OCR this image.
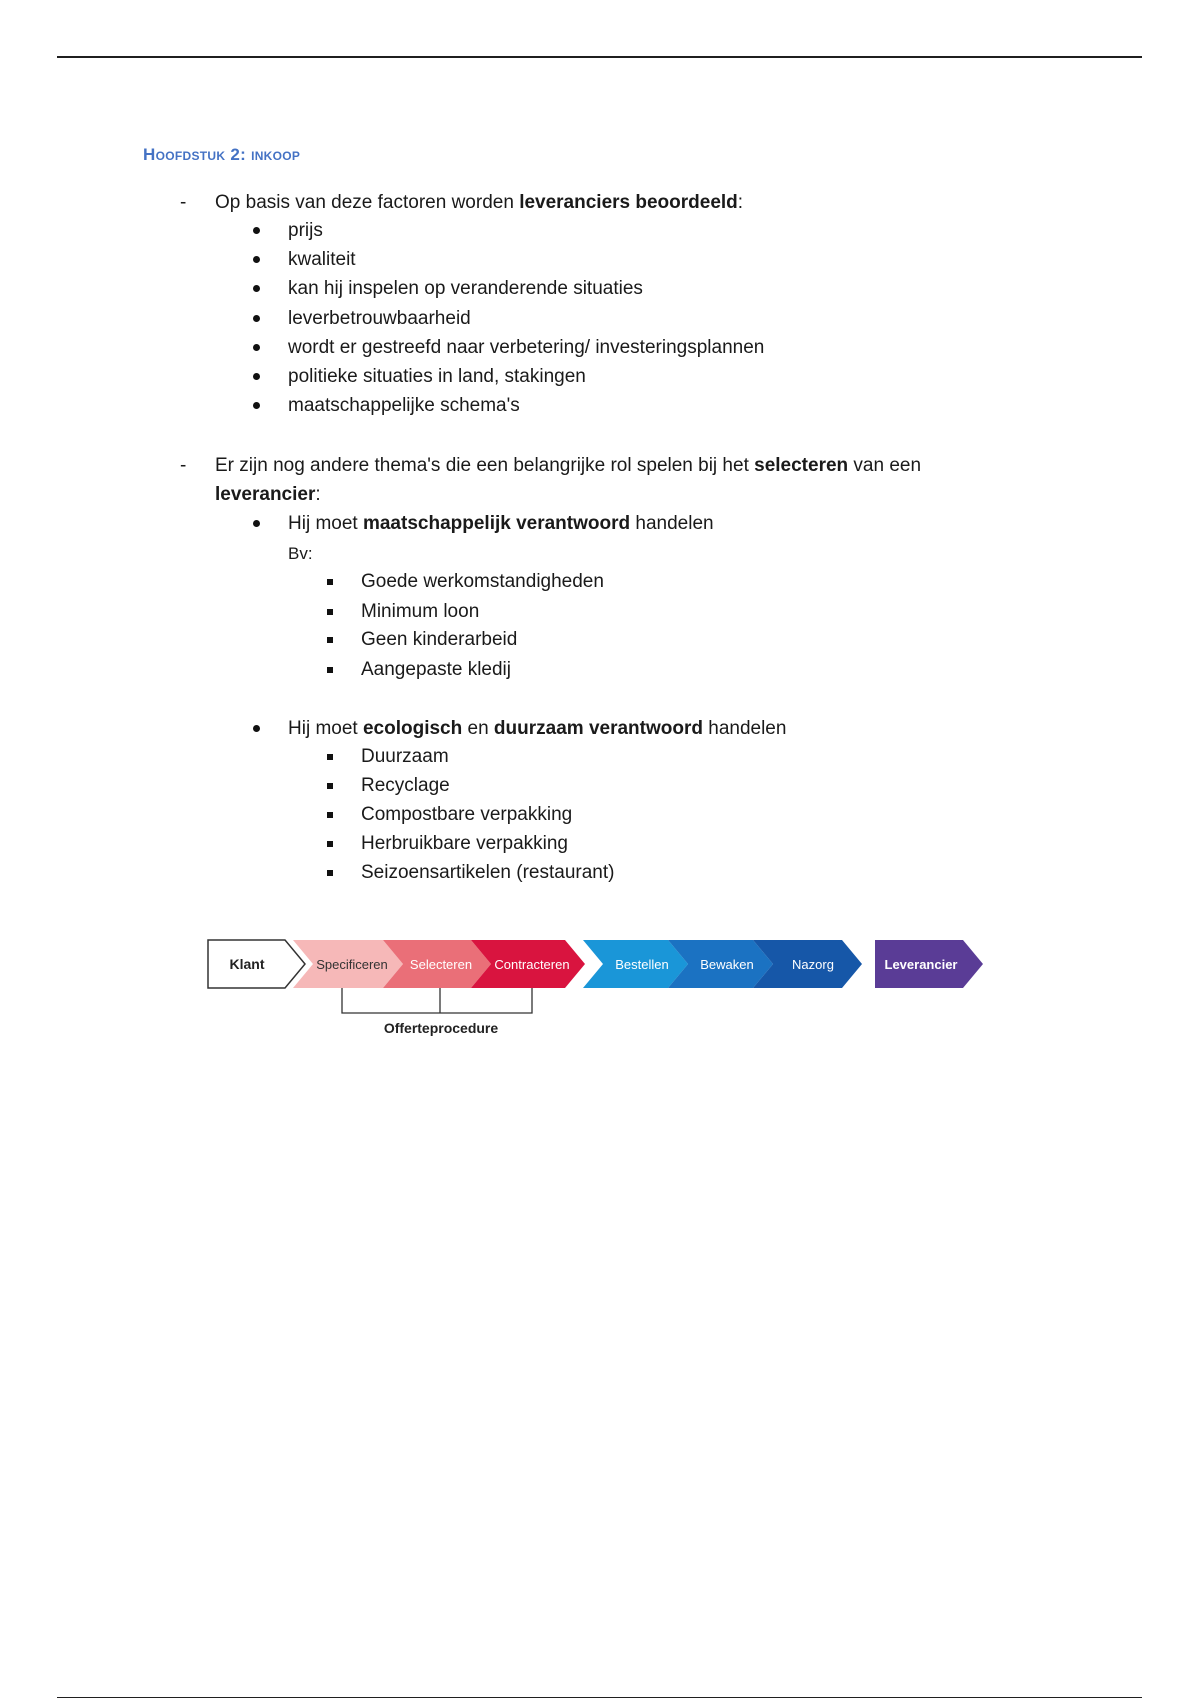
Hoofdstuk 2: inkoop
- Op basis van deze factoren worden leveranciers beoordeeld:
prijs
kwaliteit
kan hij inspelen op veranderende situaties
leverbetrouwbaarheid
wordt er gestreefd naar verbetering/ investeringsplannen
politieke situaties in land, stakingen
maatschappelijke schema's
- Er zijn nog andere thema's die een belangrijke rol spelen bij het selecteren van een
leverancier:
Hij moet maatschappelijk verantwoord handelen
Bv:
Goede werkomstandigheden
Minimum loon
Geen kinderarbeid
Aangepaste kledij
Hij moet ecologisch en duurzaam verantwoord handelen
Duurzaam
Recyclage
Compostbare verpakking
Herbruikbare verpakking
Seizoensartikelen (restaurant)
Klant	Specificeren Selecteren Contracteren	Bestellen Bewaken	Nazorg	Leverancier
Offerteprocedure
